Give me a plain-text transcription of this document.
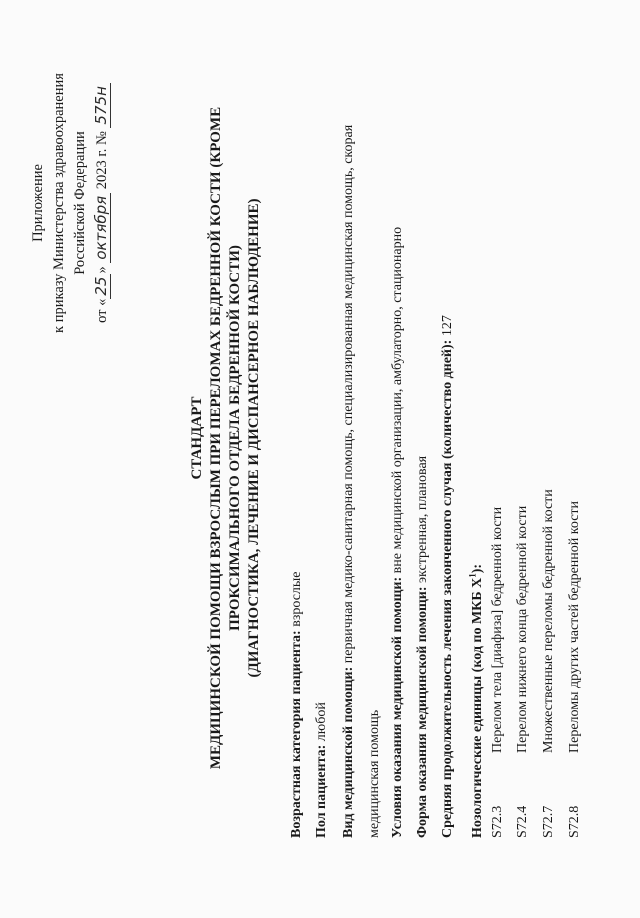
Приложение к приказу Министерства здравоохранения Российской Федерации
от «25» октября 2023 г. № 575н
СТАНДАРТ МЕДИЦИНСКОЙ ПОМОЩИ ВЗРОСЛЫМ ПРИ ПЕРЕЛОМАХ БЕДРЕННОЙ КОСТИ (КРОМЕ ПРОКСИМАЛЬНОГО ОТДЕЛА БЕДРЕННОЙ КОСТИ) (ДИАГНОСТИКА, ЛЕЧЕНИЕ И ДИСПАНСЕРНОЕ НАБЛЮДЕНИЕ)
Возрастная категория пациента: взрослые
Пол пациента: любой Вид медицинской помощи: первичная медико-санитарная помощь, специализированная медицинская помощь, скорая медицинская помощь Условия оказания медицинской помощи: вне медицинской организации, амбулаторно, стационарно
Форма оказания медицинской помощи: экстренная, плановая Средняя продолжительность лечения законченного случая (количество дней): 127
Нозологические единицы (код по МКБ $X^1$):
S72.3
Перелом тела [диафиза] бедренной кости
S72.4
Перелом нижнего конца бедренной кости
S72.7
Множественные переломы бедренной кости
S72.8
Переломы других частей бедренной кости
